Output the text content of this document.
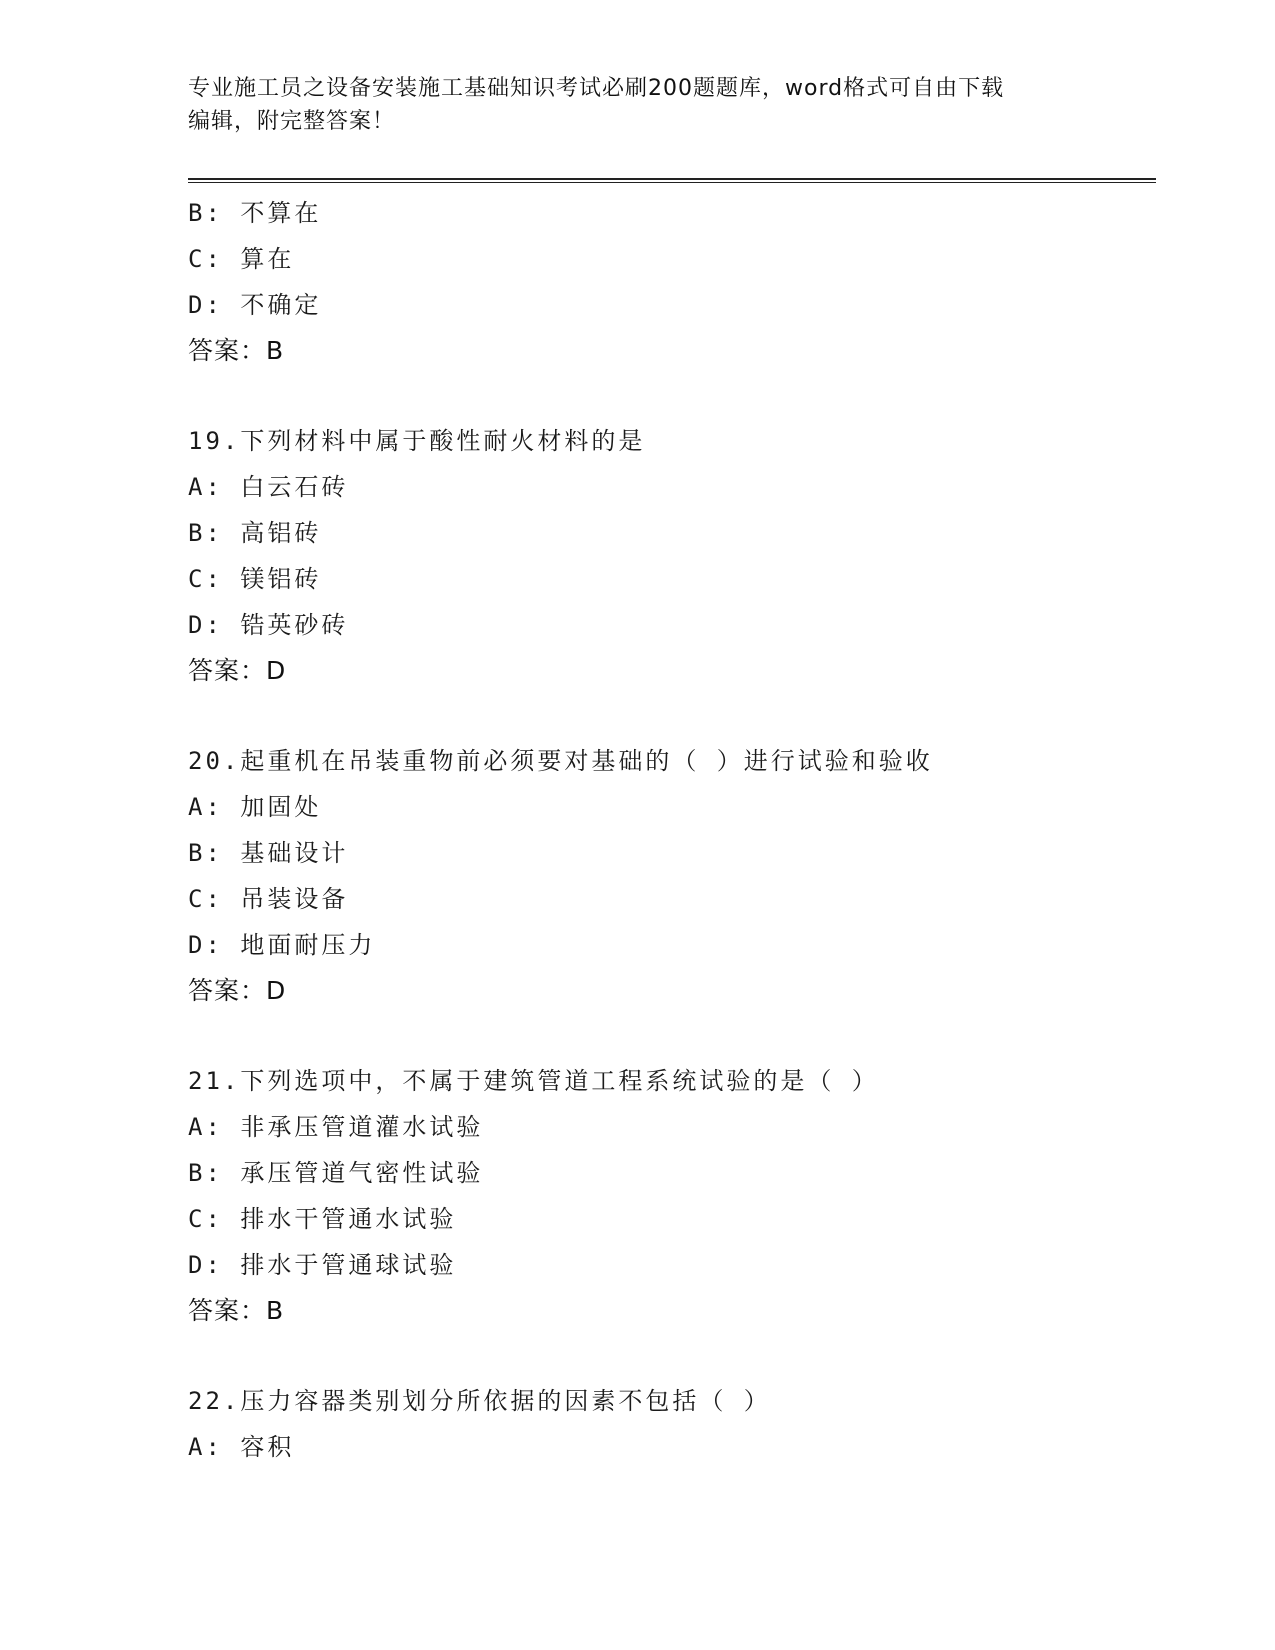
专业施工员之设备安装施工基础知识考试必刷200题题库，word格式可自由下载
编辑，附完整答案！
B: 不算在
C: 算在
D: 不确定
答案：B
19.下列材料中属于酸性耐火材料的是
A: 白云石砖
B: 高铝砖
C: 镁铝砖
D: 锆英砂砖
答案：D
20.起重机在吊装重物前必须要对基础的（ ）进行试验和验收
A: 加固处
B: 基础设计
C: 吊装设备
D: 地面耐压力
答案：D
21.下列选项中，不属于建筑管道工程系统试验的是（ ）
A: 非承压管道灌水试验
B: 承压管道气密性试验
C: 排水干管通水试验
D: 排水于管通球试验
答案：B
22.压力容器类别划分所依据的因素不包括（ ）
A: 容积
